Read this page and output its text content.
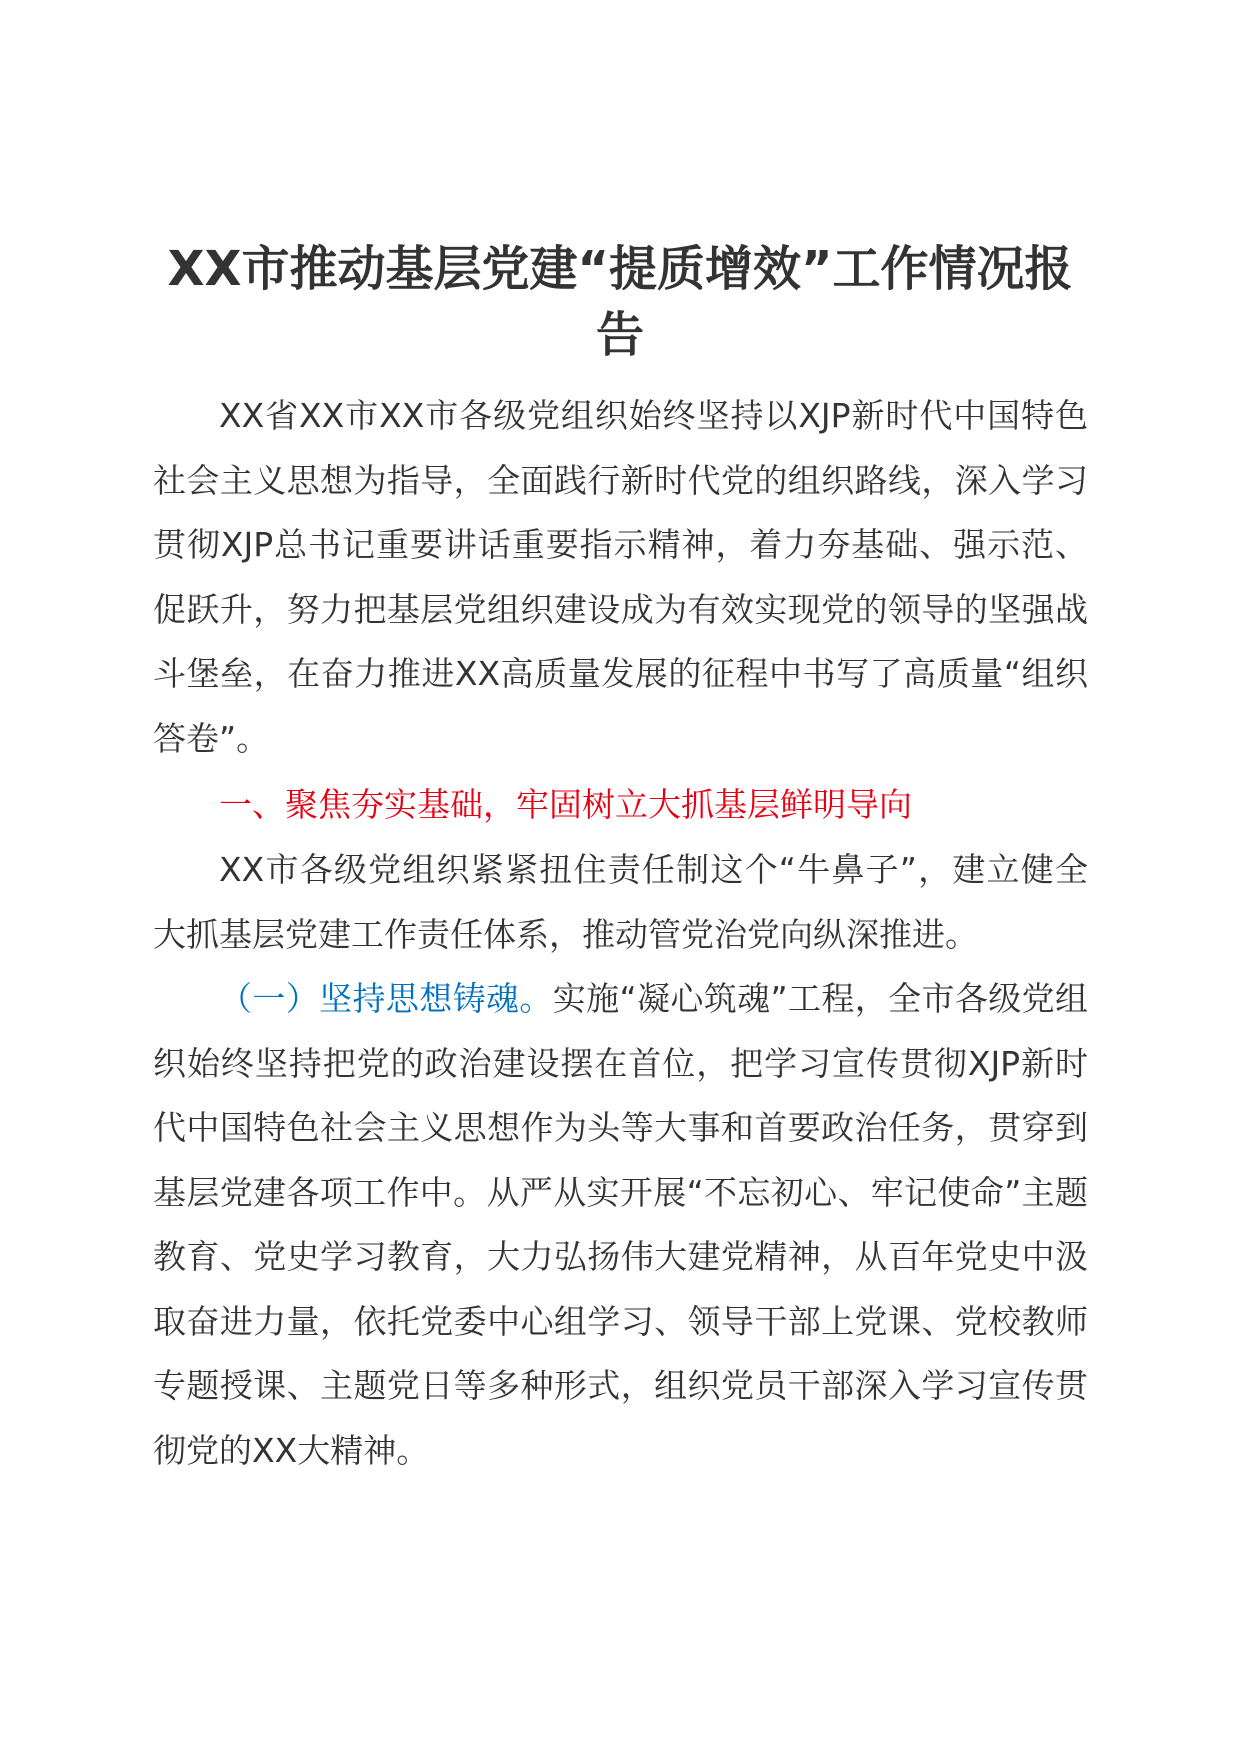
XX市推动基层党建“提质增效”工作情况报告

XX省XX市XX市各级党组织始终坚持以XJP新时代中国特色社会主义思想为指导，全面践行新时代党的组织路线，深入学习贯彻XJP总书记重要讲话重要指示精神，着力夯基础、强示范、促跃升，努力把基层党组织建设成为有效实现党的领导的坚强战斗堡垒，在奋力推进XX高质量发展的征程中书写了高质量“组织答卷”。

一、聚焦夯实基础，牢固树立大抓基层鲜明导向

XX市各级党组织紧紧扭住责任制这个“牛鼻子”，建立健全大抓基层党建工作责任体系，推动管党治党向纵深推进。

（一）坚持思想铸魂。实施“凝心筑魂”工程，全市各级党组织始终坚持把党的政治建设摆在首位，把学习宣传贯彻XJP新时代中国特色社会主义思想作为头等大事和首要政治任务，贯穿到基层党建各项工作中。从严从实开展“不忘初心、牢记使命”主题教育、党史学习教育，大力弘扬伟大建党精神，从百年党史中汲取奋进力量，依托党委中心组学习、领导干部上党课、党校教师专题授课、主题党日等多种形式，组织党员干部深入学习宣传贯彻党的XX大精神。
